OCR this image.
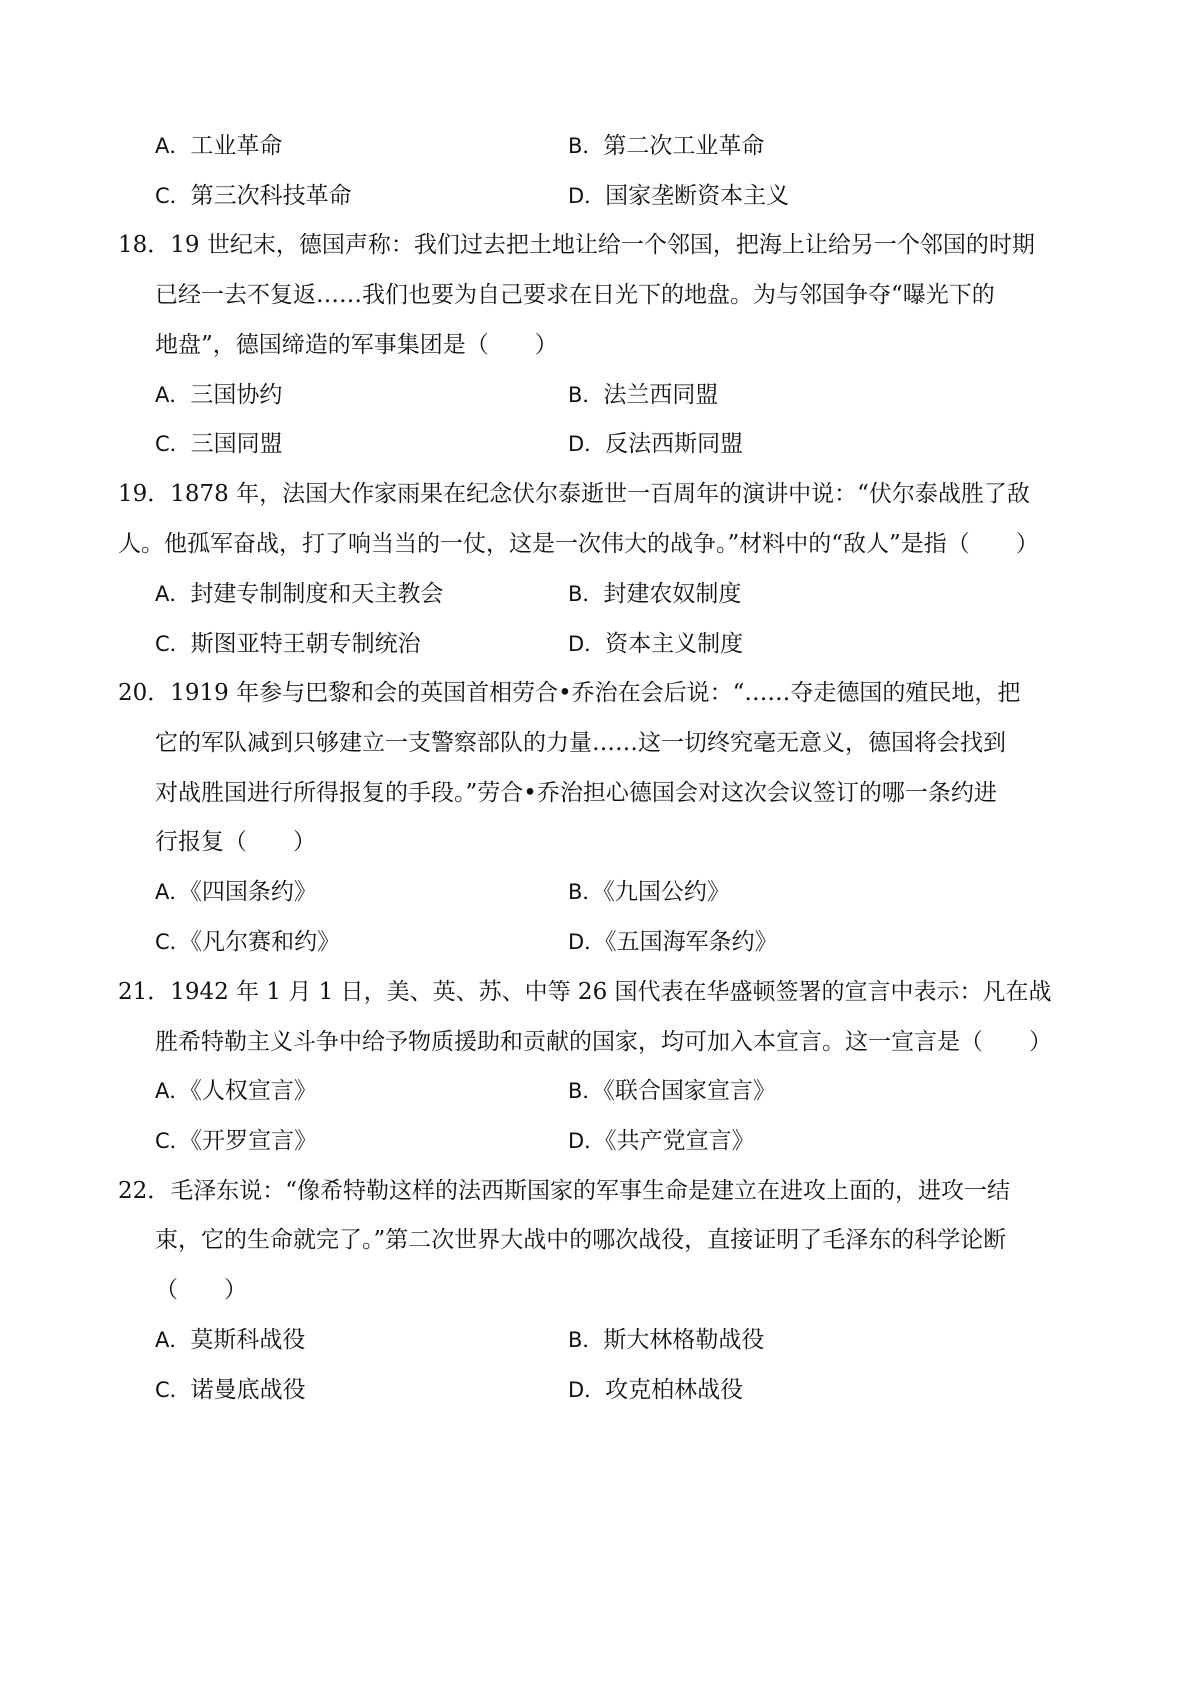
A．工业革命	B．第二次工业革命
C．第三次科技革命	D．国家垄断资本主义
18．19 世纪末，德国声称：我们过去把土地让给一个邻国，把海上让给另一个邻国的时期
已经一去不复返……我们也要为自己要求在日光下的地盘。为与邻国争夺“曝光下的
地盘”，德国缔造的军事集团是（　　）
A．三国协约	B．法兰西同盟
C．三国同盟	D．反法西斯同盟
19．1878 年，法国大作家雨果在纪念伏尔泰逝世一百周年的演讲中说：“伏尔泰战胜了敌
人。他孤军奋战，打了响当当的一仗，这是一次伟大的战争。”材料中的“敌人”是指（　　）
A．封建专制制度和天主教会	B．封建农奴制度
C．斯图亚特王朝专制统治	D．资本主义制度
20．1919 年参与巴黎和会的英国首相劳合•乔治在会后说：“……夺走德国的殖民地，把
它的军队减到只够建立一支警察部队的力量……这一切终究毫无意义，德国将会找到
对战胜国进行所得报复的手段。”劳合•乔治担心德国会对这次会议签订的哪一条约进
行报复（　　）
A．《四国条约》	B．《九国公约》
C．《凡尔赛和约》	D．《五国海军条约》
21．1942 年 1 月 1 日，美、英、苏、中等 26 国代表在华盛顿签署的宣言中表示：凡在战
胜希特勒主义斗争中给予物质援助和贡献的国家，均可加入本宣言。这一宣言是（　　）
A．《人权宣言》	B．《联合国家宣言》
C．《开罗宣言》	D．《共产党宣言》
22．毛泽东说：“像希特勒这样的法西斯国家的军事生命是建立在进攻上面的，进攻一结
束，它的生命就完了。”第二次世界大战中的哪次战役，直接证明了毛泽东的科学论断
（　　）
A．莫斯科战役	B．斯大林格勒战役
C．诺曼底战役	D．攻克柏林战役
